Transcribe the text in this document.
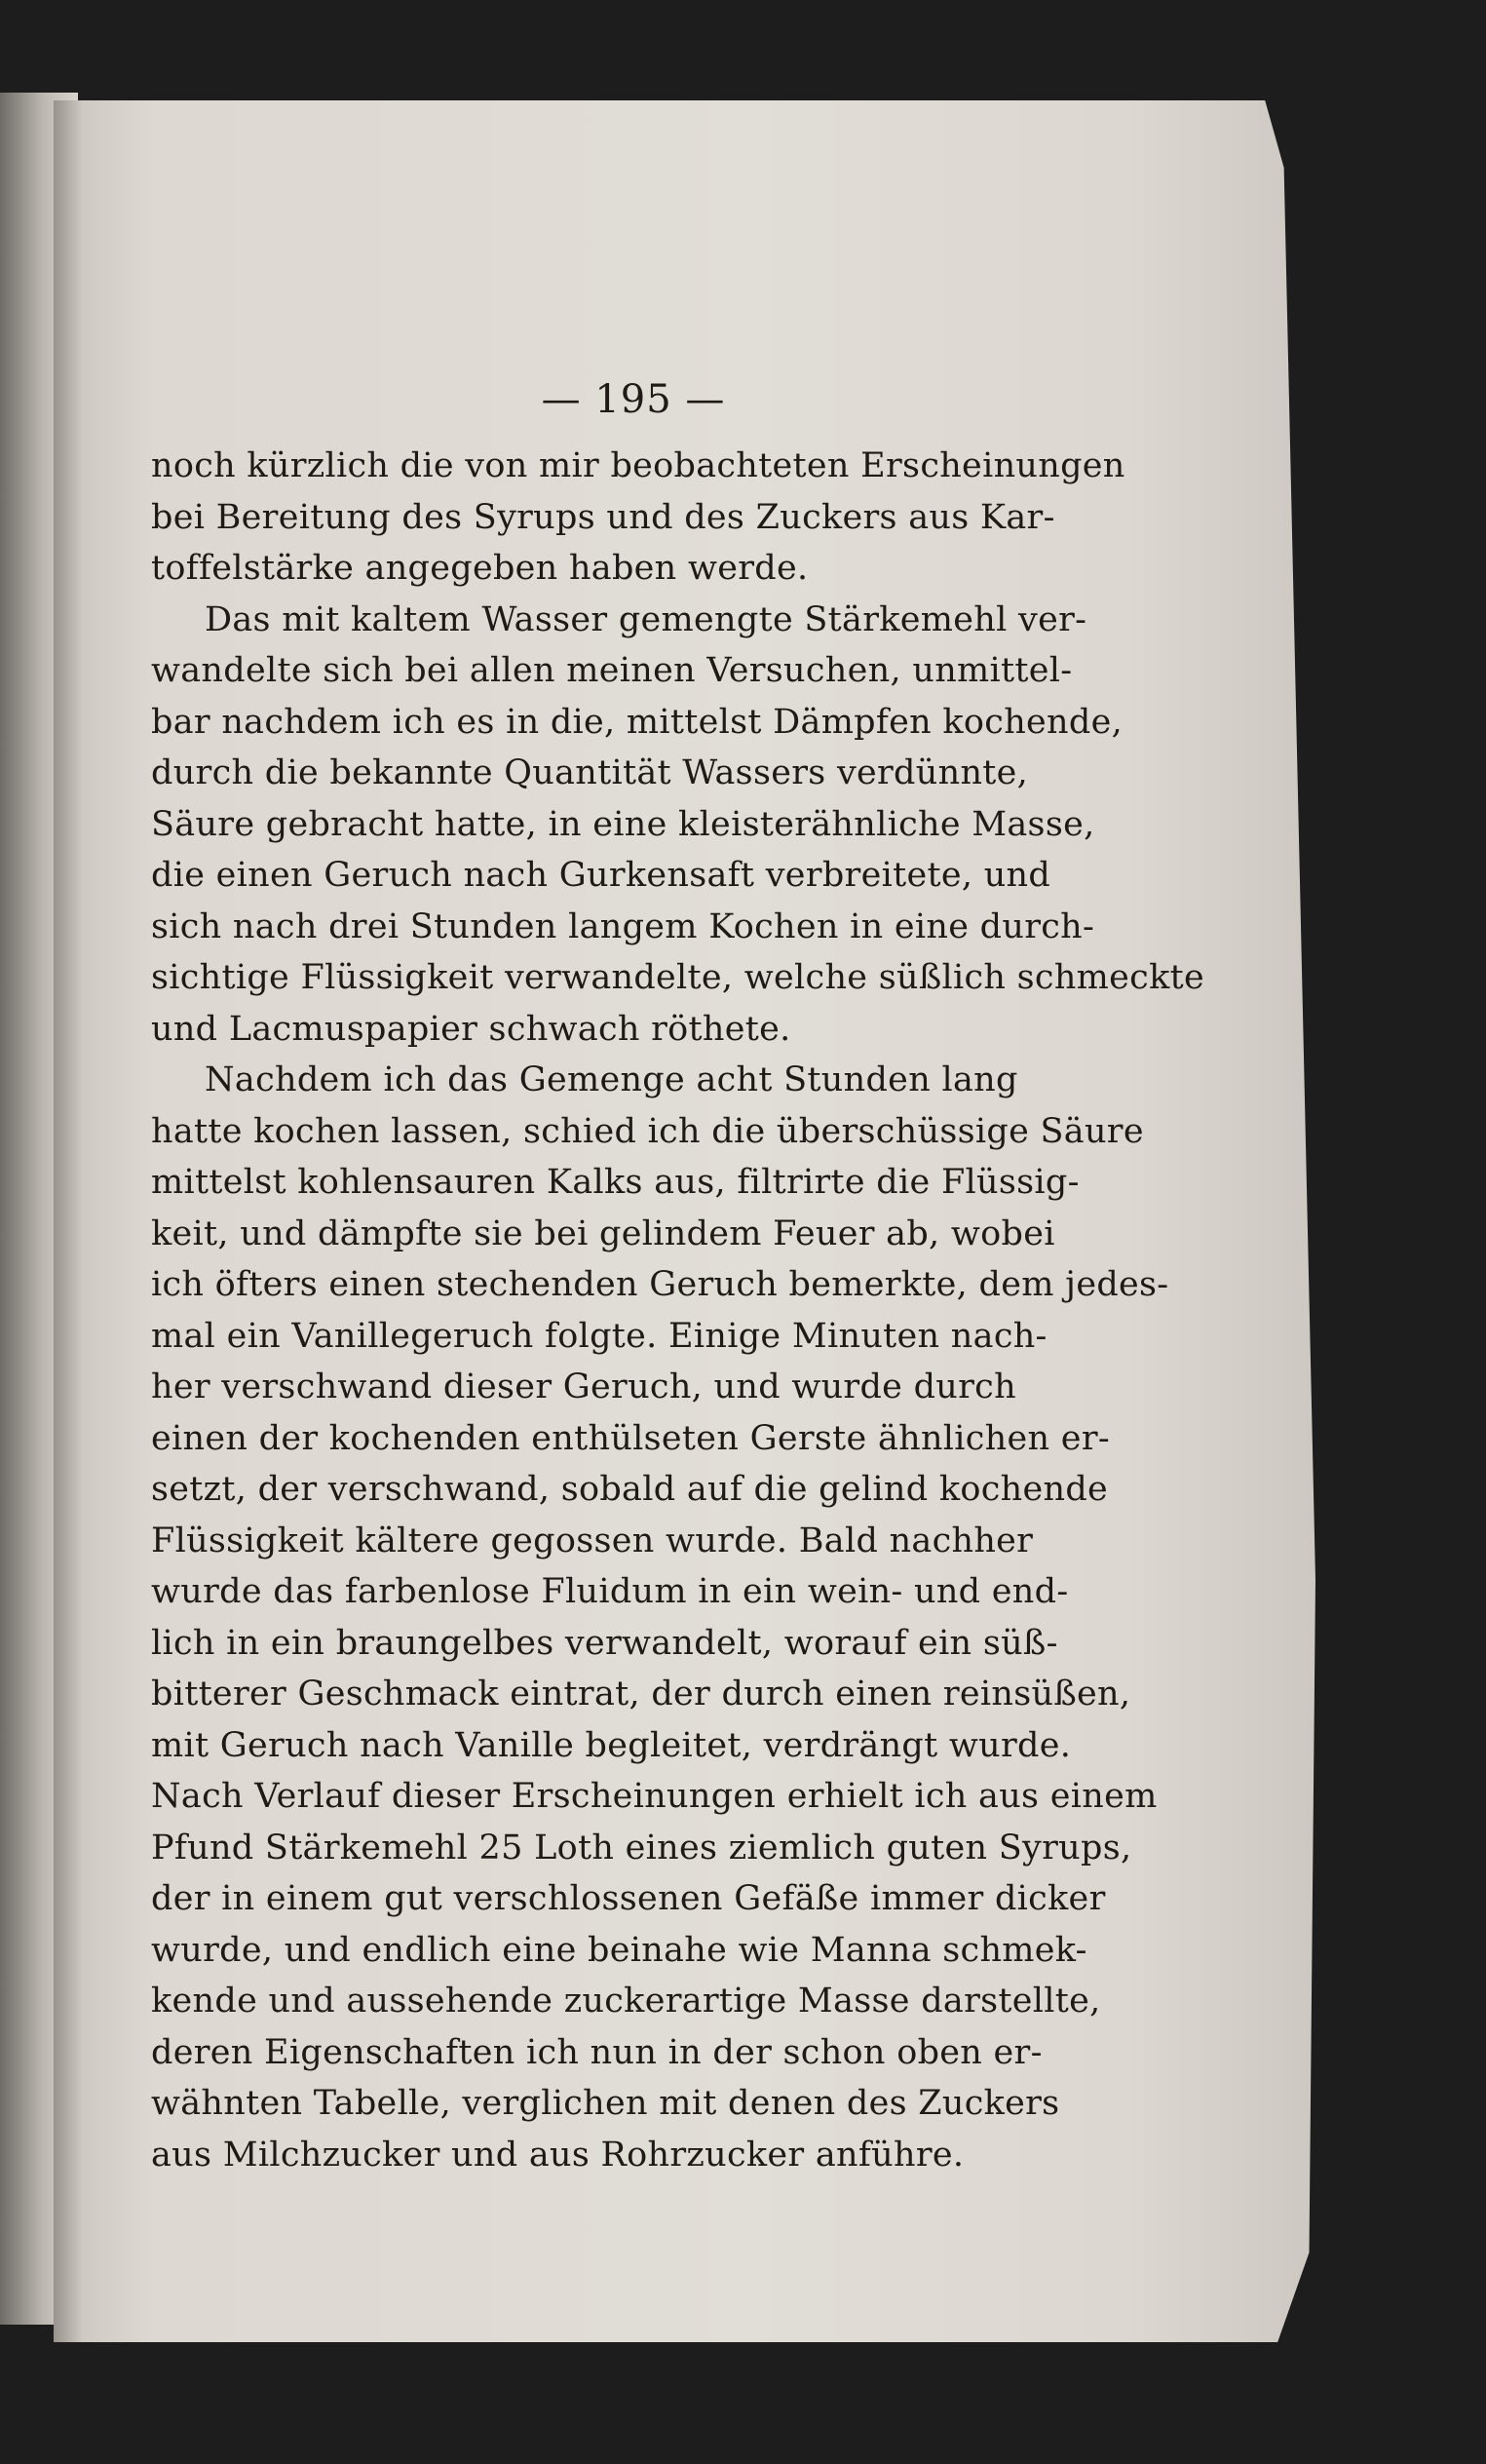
— 195 —
noch kürzlich die von mir beobachteten Erscheinungen
bei Bereitung des Syrups und des Zuckers aus Kar-
toffelstärke angegeben haben werde.
Das mit kaltem Wasser gemengte Stärkemehl ver-
wandelte sich bei allen meinen Versuchen, unmittel-
bar nachdem ich es in die, mittelst Dämpfen kochende,
durch die bekannte Quantität Wassers verdünnte,
Säure gebracht hatte, in eine kleisterähnliche Masse,
die einen Geruch nach Gurkensaft verbreitete, und
sich nach drei Stunden langem Kochen in eine durch-
sichtige Flüssigkeit verwandelte, welche süßlich schmeckte
und Lacmuspapier schwach röthete.
Nachdem ich das Gemenge acht Stunden lang
hatte kochen lassen, schied ich die überschüssige Säure
mittelst kohlensauren Kalks aus, filtrirte die Flüssig-
keit, und dämpfte sie bei gelindem Feuer ab, wobei
ich öfters einen stechenden Geruch bemerkte, dem jedes-
mal ein Vanillegeruch folgte. Einige Minuten nach-
her verschwand dieser Geruch, und wurde durch
einen der kochenden enthülseten Gerste ähnlichen er-
setzt, der verschwand, sobald auf die gelind kochende
Flüssigkeit kältere gegossen wurde. Bald nachher
wurde das farbenlose Fluidum in ein wein- und end-
lich in ein braungelbes verwandelt, worauf ein süß-
bitterer Geschmack eintrat, der durch einen reinsüßen,
mit Geruch nach Vanille begleitet, verdrängt wurde.
Nach Verlauf dieser Erscheinungen erhielt ich aus einem
Pfund Stärkemehl 25 Loth eines ziemlich guten Syrups,
der in einem gut verschlossenen Gefäße immer dicker
wurde, und endlich eine beinahe wie Manna schmek-
kende und aussehende zuckerartige Masse darstellte,
deren Eigenschaften ich nun in der schon oben er-
wähnten Tabelle, verglichen mit denen des Zuckers
aus Milchzucker und aus Rohrzucker anführe.
